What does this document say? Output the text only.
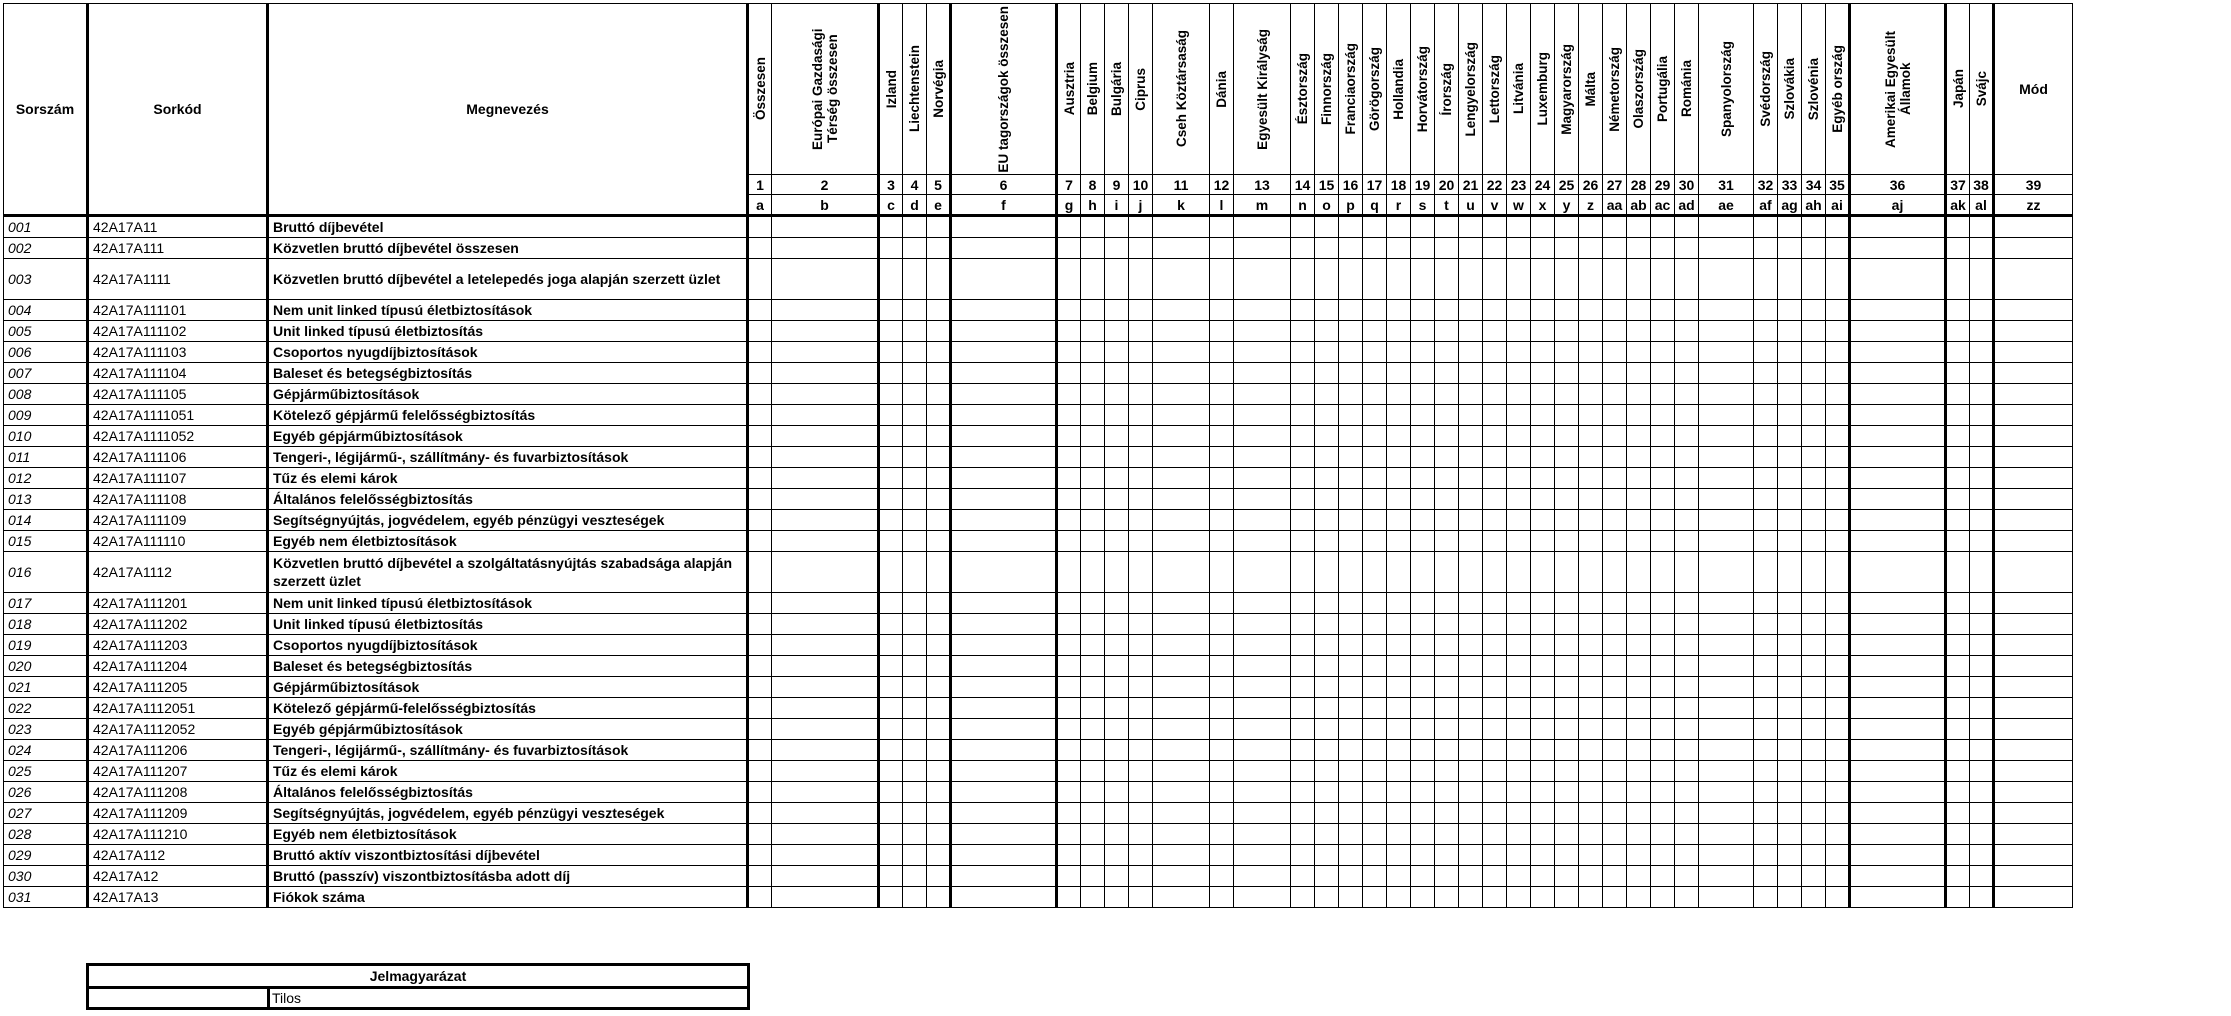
Sorszám	Sorkód	Megnevezés	Összesen	Európai Gazdasági Térség összesen	Izland	Liechtenstein	Norvégia	EU tagországok összesen	Ausztria	Belgium	Bulgária	Ciprus	Cseh Köztársaság	Dánia	Egyesült Királyság	Észtország	Finnország	Franciaország	Görögország	Hollandia	Horvátország	Írország	Lengyelország	Lettország	Litvánia	Luxemburg	Magyarország	Málta	Németország	Olaszország	Portugália	Románia	Spanyolország	Svédország	Szlovákia	Szlovénia	Egyéb ország	Amerikai Egyesült Államok	Japán	Svájc	Mód

			1	2	3	4	5	6	7	8	9	10	11	12	13	14	15	16	17	18	19	20	21	22	23	24	25	26	27	28	29	30	31	32	33	34	35	36	37	38	39
			a	b	c	d	e	f	g	h	i	j	k	l	m	n	o	p	q	r	s	t	u	v	w	x	y	z	aa	ab	ac	ad	ae	af	ag	ah	ai	aj	ak	al	zz
001	42A17A11	Bruttó díjbevétel																																							
002	42A17A111	Közvetlen bruttó díjbevétel összesen																																							
003	42A17A1111	Közvetlen bruttó díjbevétel a letelepedés joga alapján szerzett üzlet																																							
004	42A17A111101	Nem unit linked típusú életbiztosítások																																							
005	42A17A111102	Unit linked típusú életbiztosítás																																							
006	42A17A111103	Csoportos nyugdíjbiztosítások																																							
007	42A17A111104	Baleset és betegségbiztosítás																																							
008	42A17A111105	Gépjárműbiztosítások																																							
009	42A17A1111051	Kötelező gépjármű felelősségbiztosítás																																							
010	42A17A1111052	Egyéb gépjárműbiztosítások																																							
011	42A17A111106	Tengeri-, légijármű-, szállítmány- és fuvarbiztosítások																																							
012	42A17A111107	Tűz és elemi károk																																							
013	42A17A111108	Általános felelősségbiztosítás																																							
014	42A17A111109	Segítségnyújtás, jogvédelem, egyéb pénzügyi veszteségek																																							
015	42A17A111110	Egyéb nem életbiztosítások																																							
016	42A17A1112	Közvetlen bruttó díjbevétel a szolgáltatásnyújtás szabadsága alapján szerzett üzlet																																							
017	42A17A111201	Nem unit linked típusú életbiztosítások																																							
018	42A17A111202	Unit linked típusú életbiztosítás																																							
019	42A17A111203	Csoportos nyugdíjbiztosítások																																							
020	42A17A111204	Baleset és betegségbiztosítás																																							
021	42A17A111205	Gépjárműbiztosítások																																							
022	42A17A1112051	Kötelező gépjármű-felelősségbiztosítás																																							
023	42A17A1112052	Egyéb gépjárműbiztosítások																																							
024	42A17A111206	Tengeri-, légijármű-, szállítmány- és fuvarbiztosítások																																							
025	42A17A111207	Tűz és elemi károk																																							
026	42A17A111208	Általános felelősségbiztosítás																																							
027	42A17A111209	Segítségnyújtás, jogvédelem, egyéb pénzügyi veszteségek																																							
028	42A17A111210	Egyéb nem életbiztosítások																																							
029	42A17A112	Bruttó aktív viszontbiztosítási díjbevétel																																							
030	42A17A12	Bruttó (passzív) viszontbiztosításba adott díj																																							
031	42A17A13	Fiókok száma																																							
Jelmagyarázat
	Tilos
